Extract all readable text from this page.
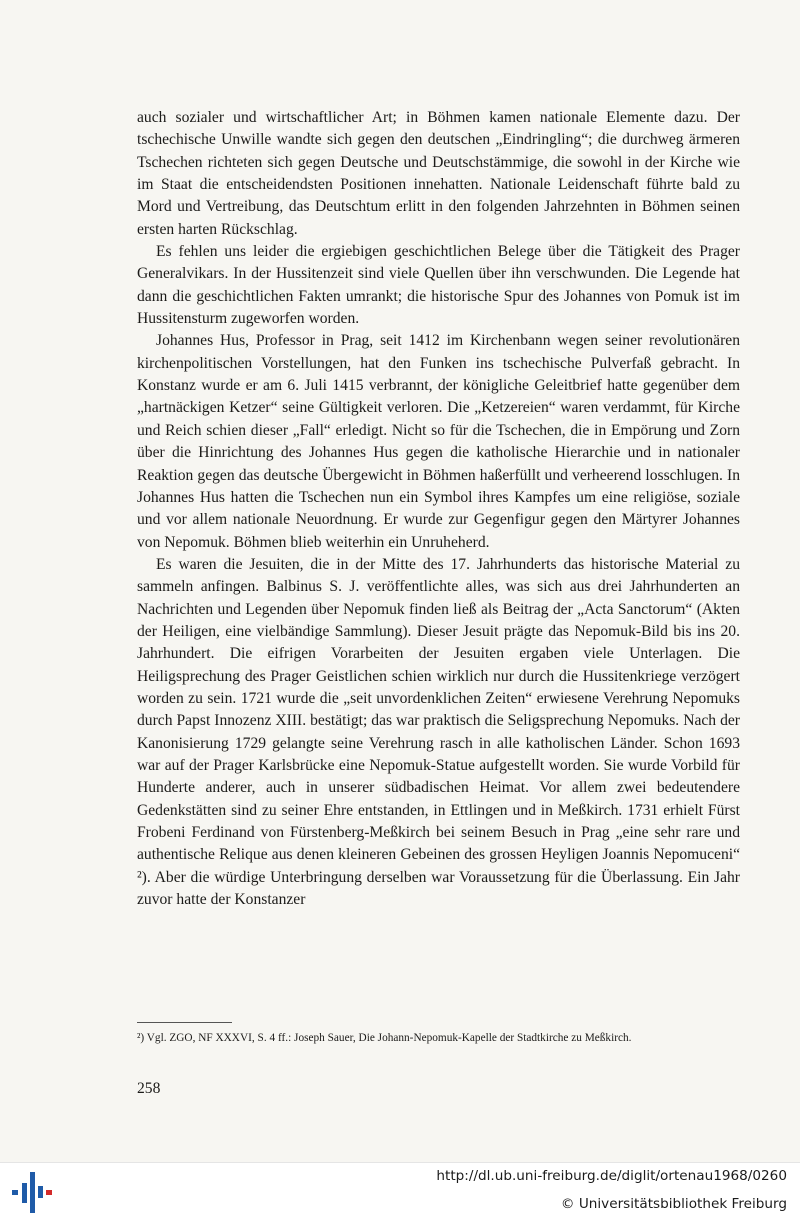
auch sozialer und wirtschaftlicher Art; in Böhmen kamen nationale Elemente dazu. Der tschechische Unwille wandte sich gegen den deutschen „Eindringling“; die durchweg ärmeren Tschechen richteten sich gegen Deutsche und Deutschstämmige, die sowohl in der Kirche wie im Staat die entscheidendsten Positionen innehatten. Nationale Leidenschaft führte bald zu Mord und Vertreibung, das Deutschtum erlitt in den folgenden Jahrzehnten in Böhmen seinen ersten harten Rückschlag.

Es fehlen uns leider die ergiebigen geschichtlichen Belege über die Tätigkeit des Prager Generalvikars. In der Hussitenzeit sind viele Quellen über ihn verschwunden. Die Legende hat dann die geschichtlichen Fakten umrankt; die historische Spur des Johannes von Pomuk ist im Hussitensturm zugeworfen worden.

Johannes Hus, Professor in Prag, seit 1412 im Kirchenbann wegen seiner revolutionären kirchenpolitischen Vorstellungen, hat den Funken ins tschechische Pulverfaß gebracht. In Konstanz wurde er am 6. Juli 1415 verbrannt, der königliche Geleitbrief hatte gegenüber dem „hartnäckigen Ketzer“ seine Gültigkeit verloren. Die „Ketzereien“ waren verdammt, für Kirche und Reich schien dieser „Fall“ erledigt. Nicht so für die Tschechen, die in Empörung und Zorn über die Hinrichtung des Johannes Hus gegen die katholische Hierarchie und in nationaler Reaktion gegen das deutsche Übergewicht in Böhmen haßerfüllt und verheerend losschlugen. In Johannes Hus hatten die Tschechen nun ein Symbol ihres Kampfes um eine religiöse, soziale und vor allem nationale Neuordnung. Er wurde zur Gegenfigur gegen den Märtyrer Johannes von Nepomuk. Böhmen blieb weiterhin ein Unruheherd.

Es waren die Jesuiten, die in der Mitte des 17. Jahrhunderts das historische Material zu sammeln anfingen. Balbinus S. J. veröffentlichte alles, was sich aus drei Jahrhunderten an Nachrichten und Legenden über Nepomuk finden ließ als Beitrag der „Acta Sanctorum“ (Akten der Heiligen, eine vielbändige Sammlung). Dieser Jesuit prägte das Nepomuk-Bild bis ins 20. Jahrhundert. Die eifrigen Vorarbeiten der Jesuiten ergaben viele Unterlagen. Die Heiligsprechung des Prager Geistlichen schien wirklich nur durch die Hussitenkriege verzögert worden zu sein. 1721 wurde die „seit unvordenklichen Zeiten“ erwiesene Verehrung Nepomuks durch Papst Innozenz XIII. bestätigt; das war praktisch die Seligsprechung Nepomuks. Nach der Kanonisierung 1729 gelangte seine Verehrung rasch in alle katholischen Länder. Schon 1693 war auf der Prager Karlsbrücke eine Nepomuk-Statue aufgestellt worden. Sie wurde Vorbild für Hunderte anderer, auch in unserer südbadischen Heimat. Vor allem zwei bedeutendere Gedenkstätten sind zu seiner Ehre entstanden, in Ettlingen und in Meßkirch. 1731 erhielt Fürst Frobeni Ferdinand von Fürstenberg-Meßkirch bei seinem Besuch in Prag „eine sehr rare und authentische Relique aus denen kleineren Gebeinen des grossen Heyligen Joannis Nepomuceni“ ²). Aber die würdige Unterbringung derselben war Voraussetzung für die Überlassung. Ein Jahr zuvor hatte der Konstanzer

²) Vgl. ZGO, NF XXXVI, S. 4 ff.: Joseph Sauer, Die Johann-Nepomuk-Kapelle der Stadtkirche zu Meßkirch.
258
http://dl.ub.uni-freiburg.de/diglit/ortenau1968/0260
© Universitätsbibliothek Freiburg
